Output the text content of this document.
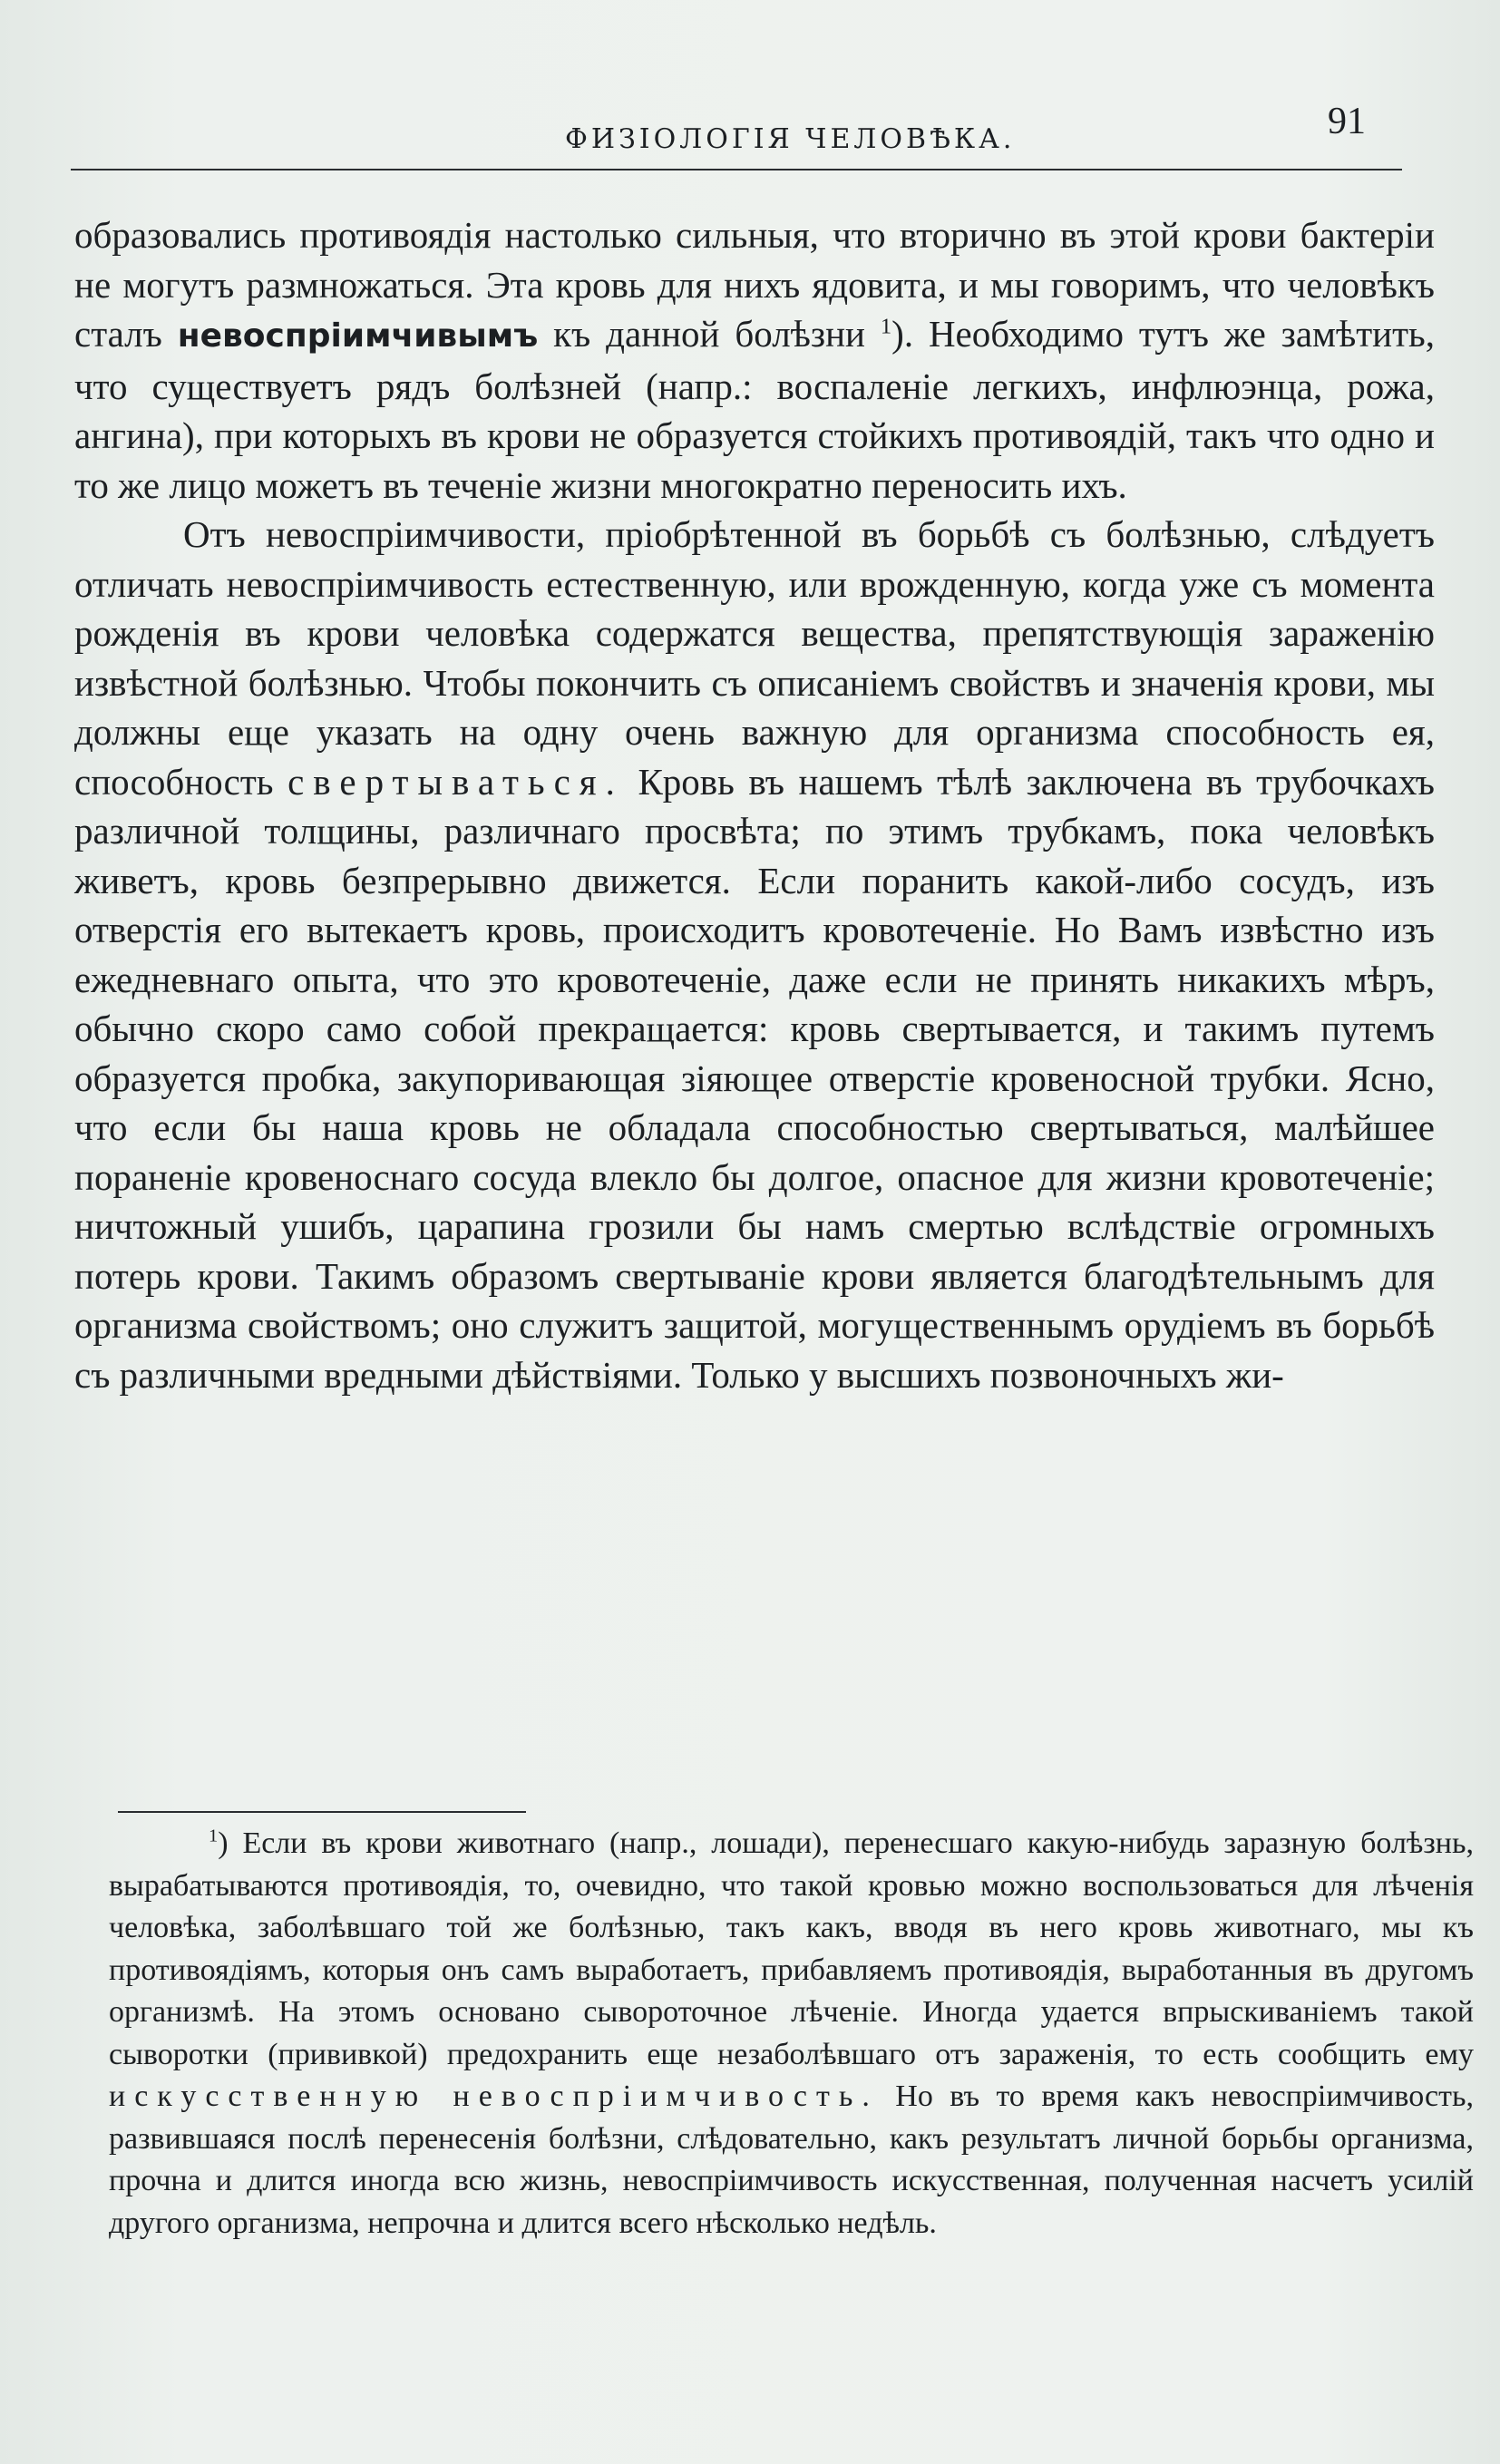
ФИЗІОЛОГІЯ ЧЕЛОВѢКА.	91

образовались противоядія настолько сильныя, что вторично въ этой крови бактеріи не могутъ размножаться. Эта кровь для нихъ ядовита, и мы говоримъ, что человѣкъ сталъ невоспріимчивымъ къ данной болѣзни $^1$). Необходимо тутъ же замѣтить, что существуетъ рядъ болѣзней (напр.: воспаленіе легкихъ, инфлюэнца, рожа, ангина), при которыхъ въ крови не образуется стойкихъ противоядій, такъ что одно и то же лицо можетъ въ теченіе жизни многократно переносить ихъ.

Отъ невоспріимчивости, пріобрѣтенной въ борьбѣ съ болѣзнью, слѣдуетъ отличать невоспріимчивость естественную, или врожденную, когда уже съ момента рожденія въ крови человѣка содержатся вещества, препятствующія зараженію извѣстной болѣзнью. Чтобы покончить съ описаніемъ свойствъ и значенія крови, мы должны еще указать на одну очень важную для организма способность ея, способность свертываться. Кровь въ нашемъ тѣлѣ заключена въ трубочкахъ различной толщины, различнаго просвѣта; по этимъ трубкамъ, пока человѣкъ живетъ, кровь безпрерывно движется. Если поранить какой-либо сосудъ, изъ отверстія его вытекаетъ кровь, происходитъ кровотеченіе. Но Вамъ извѣстно изъ ежедневнаго опыта, что это кровотеченіе, даже если не принять никакихъ мѣръ, обычно скоро само собой прекращается: кровь свертывается, и такимъ путемъ образуется пробка, закупоривающая зіяющее отверстіе кровеносной трубки. Ясно, что если бы наша кровь не обладала способностью свертываться, малѣйшее пораненіе кровеноснаго сосуда влекло бы долгое, опасное для жизни кровотеченіе; ничтожный ушибъ, царапина грозили бы намъ смертью вслѣдствіе огромныхъ потерь крови. Такимъ образомъ свертываніе крови является благодѣтельнымъ для организма свойствомъ; оно служитъ защитой, могущественнымъ орудіемъ въ борьбѣ съ различными вредными дѣйствіями. Только у высшихъ позвоночныхъ жи-

$^1$) Если въ крови животнаго (напр., лошади), перенесшаго какую-нибудь заразную болѣзнь, вырабатываются противоядія, то, очевидно, что такой кровью можно воспользоваться для лѣченія человѣка, заболѣвшаго той же болѣзнью, такъ какъ, вводя въ него кровь животнаго, мы къ противоядіямъ, которыя онъ самъ выработаетъ, прибавляемъ противоядія, выработанныя въ другомъ организмѣ. На этомъ основано сывороточное лѣченіе. Иногда удается впрыскиваніемъ такой сыворотки (прививкой) предохранить еще незаболѣвшаго отъ зараженія, то есть сообщить ему искусственную невоспріимчивость. Но въ то время какъ невоспріимчивость, развившаяся послѣ перенесенія болѣзни, слѣдовательно, какъ результатъ личной борьбы организма, прочна и длится иногда всю жизнь, невоспріимчивость искусственная, полученная насчетъ усилій другого организма, непрочна и длится всего нѣсколько недѣль.
